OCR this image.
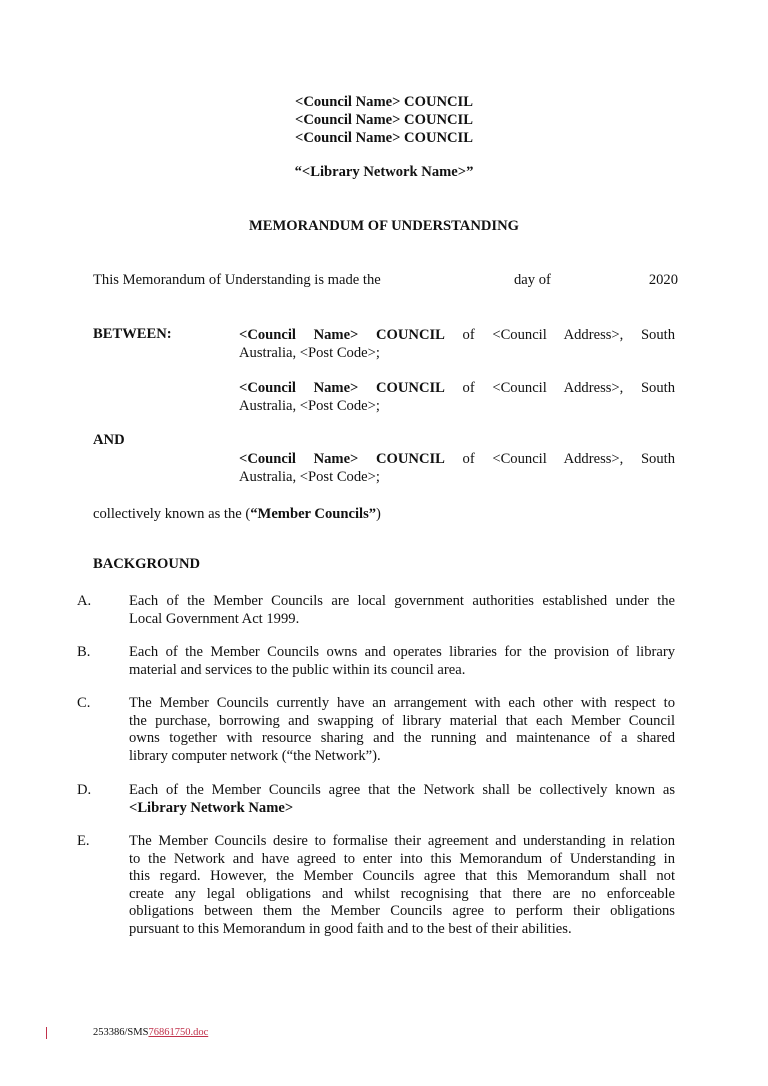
<Council Name> COUNCIL
<Council Name> COUNCIL
<Council Name> COUNCIL
“<Library Network Name>”
MEMORANDUM OF UNDERSTANDING
This Memorandum of Understanding is made the	day of	2020
BETWEEN:	<Council Name> COUNCIL of <Council Address>, South
Australia, <Post Code>;
<Council Name> COUNCIL of <Council Address>, South
Australia, <Post Code>;
AND
<Council Name> COUNCIL of <Council Address>, South
Australia, <Post Code>;
collectively known as the (“Member Councils”)
BACKGROUND
A.	Each of the Member Councils are local government authorities established under the
Local Government Act 1999.
B.	Each of the Member Councils owns and operates libraries for the provision of library
material and services to the public within its council area.
C.	The Member Councils currently have an arrangement with each other with respect to
the purchase, borrowing and swapping of library material that each Member Council
owns together with resource sharing and the running and maintenance of a shared
library computer network (“the Network”).
D.	Each of the Member Councils agree that the Network shall be collectively known as
<Library Network Name>
E.	The Member Councils desire to formalise their agreement and understanding in relation
to the Network and have agreed to enter into this Memorandum of Understanding in
this regard. However, the Member Councils agree that this Memorandum shall not
create any legal obligations and whilst recognising that there are no enforceable
obligations between them the Member Councils agree to perform their obligations
pursuant to this Memorandum in good faith and to the best of their abilities.
253386/SMS76861750.doc
